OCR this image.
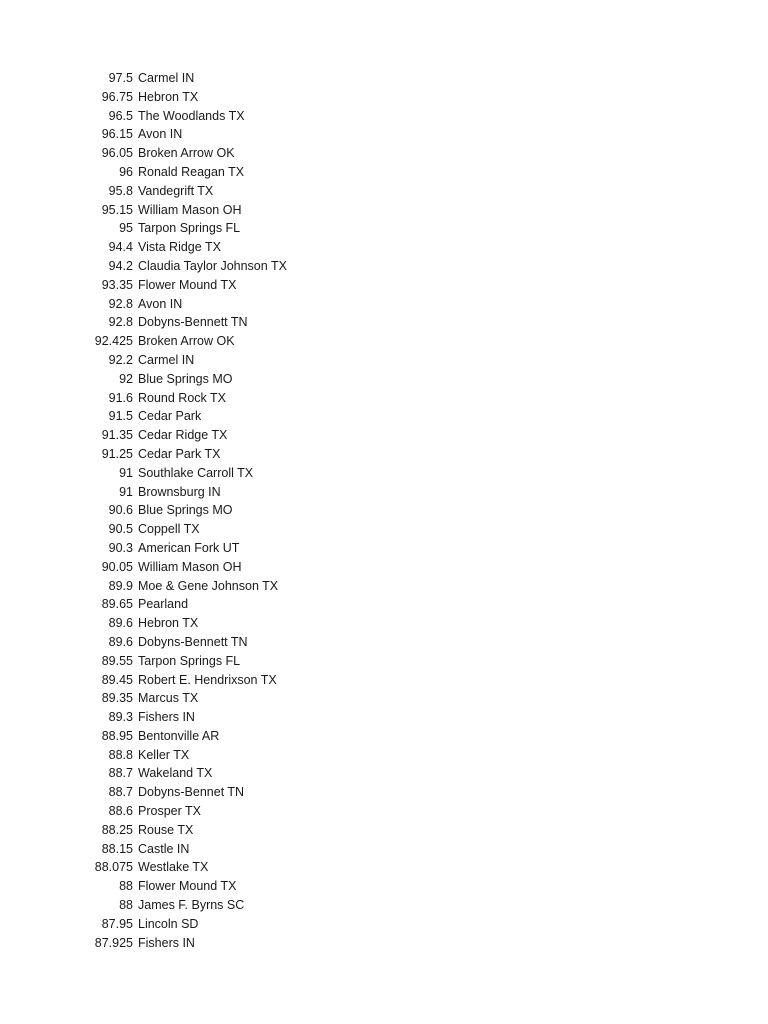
97.5 Carmel IN
96.75 Hebron TX
96.5 The Woodlands TX
96.15 Avon IN
96.05 Broken Arrow OK
96 Ronald Reagan TX
95.8 Vandegrift TX
95.15 William Mason OH
95 Tarpon Springs FL
94.4 Vista Ridge TX
94.2 Claudia Taylor Johnson TX
93.35 Flower Mound TX
92.8 Avon IN
92.8 Dobyns-Bennett TN
92.425 Broken Arrow OK
92.2 Carmel IN
92 Blue Springs MO
91.6 Round Rock TX
91.5 Cedar Park
91.35 Cedar Ridge TX
91.25 Cedar Park TX
91 Southlake Carroll TX
91 Brownsburg IN
90.6 Blue Springs MO
90.5 Coppell TX
90.3 American Fork UT
90.05 William Mason OH
89.9 Moe & Gene Johnson TX
89.65 Pearland
89.6 Hebron TX
89.6 Dobyns-Bennett TN
89.55 Tarpon Springs FL
89.45 Robert E. Hendrixson TX
89.35 Marcus TX
89.3 Fishers IN
88.95 Bentonville AR
88.8 Keller TX
88.7 Wakeland TX
88.7 Dobyns-Bennet TN
88.6 Prosper TX
88.25 Rouse TX
88.15 Castle IN
88.075 Westlake TX
88 Flower Mound TX
88 James F. Byrns SC
87.95 Lincoln SD
87.925 Fishers IN
